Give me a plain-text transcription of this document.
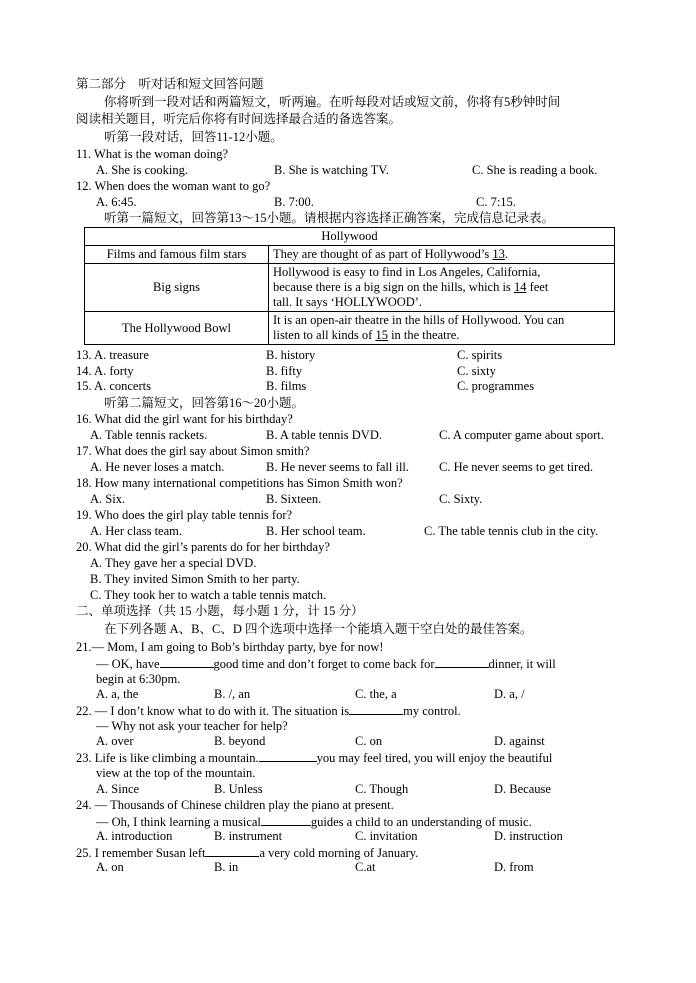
第二部分　听对话和短文回答问题
你将听到一段对话和两篇短文，听两遍。在听每段对话或短文前，你将有5秒钟时间
阅读相关题目，听完后你将有时间选择最合适的备选答案。
听第一段对话，回答11-12小题。
11. What is the woman doing?
A. She is cooking.	B. She is watching TV.	C. She is reading a book.
12. When does the woman want to go?
A. 6:45.	B. 7:00.	C. 7:15.
听第一篇短文，回答第13～15小题。请根据内容选择正确答案，完成信息记录表。
Hollywood	
Films and famous film stars	They are thought of as part of Hollywood’s 13.
Big signs	Hollywood is easy to find in Los Angeles, California,
because there is a big sign on the hills, which is 14 feet
tall. It says ‘HOLLYWOOD’.
The Hollywood Bowl	It is an open-air theatre in the hills of Hollywood. You can
listen to all kinds of 15 in the theatre.
13. A. treasure	B. history	C. spirits
14. A. forty	B. fifty	C. sixty
15. A. concerts	B. films	C. programmes
听第二篇短文，回答第16～20小题。
16. What did the girl want for his birthday?
A. Table tennis rackets.	B. A table tennis DVD.	C. A computer game about sport.
17. What does the girl say about Simon smith?
A. He never loses a match.	B. He never seems to fall ill. C. He never seems to get tired.
18. How many international competitions has Simon Smith won?
A. Six.	B. Sixteen.	C. Sixty.
19. Who does the girl play table tennis for?
A. Her class team.	B. Her school team.	C. The table tennis club in the city.
20. What did the girl’s parents do for her birthday?
A. They gave her a special DVD.
B. They invited Simon Smith to her party.
C. They took her to watch a table tennis match.
二、单项选择（共 15 小题，每小题 1 分，计 15 分）
在下列各题 A、B、C、D 四个选项中选择一个能填入题干空白处的最佳答案。
21.— Mom, I am going to Bob’s birthday party, bye for now!
— OK, have	good time and don’t forget to come back for	dinner, it will
begin at 6:30pm.
A. a, the	B. /, an	C. the, a	D. a, /
22. — I don’t know what to do with it. The situation is	my control.
— Why not ask your teacher for help?
A. over	B. beyond	C. on	D. against
23. Life is like climbing a mountain.	you may feel tired, you will enjoy the beautiful
view at the top of the mountain.
A. Since	B. Unless	C. Though	D. Because
24. — Thousands of Chinese children play the piano at present.
— Oh, I think learning a musical	guides a child to an understanding of music.
A. introduction	B. instrument	C. invitation	D. instruction
25. I remember Susan left	a very cold morning of January.
A. on	B. in	C.at	D. from
